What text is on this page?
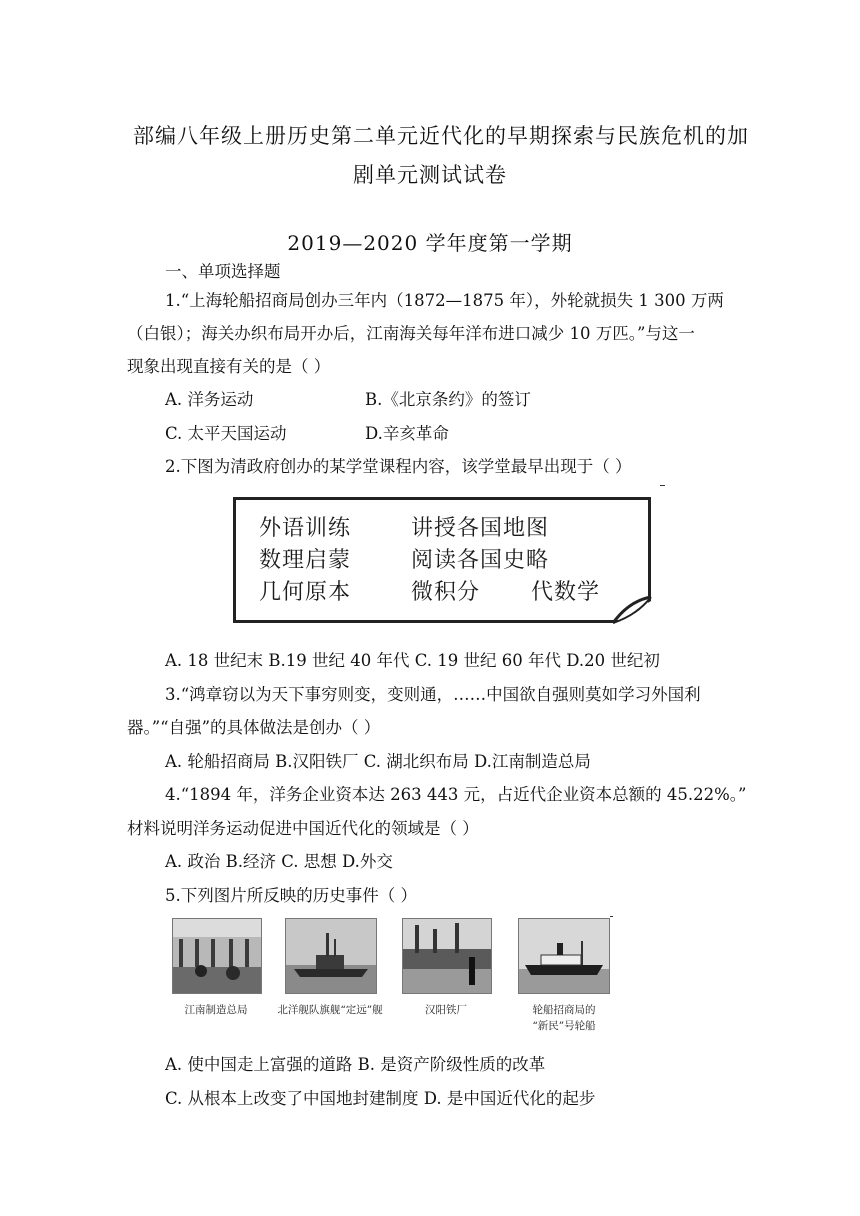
部编八年级上册历史第二单元近代化的早期探索与民族危机的加
剧单元测试试卷
2019—2020 学年度第一学期
一、单项选择题
1.“上海轮船招商局创办三年内（1872—1875 年），外轮就损失 1 300 万两
（白银）；海关办织布局开办后，江南海关每年洋布进口减少 10 万匹。”与这一
现象出现直接有关的是（ ）
A. 洋务运动	B.《北京条约》的签订
C. 太平天国运动	D.辛亥革命
2.下图为清政府创办的某学堂课程内容，该学堂最早出现于（ ）
外语训练	讲授各国地图
数理启蒙	阅读各国史略
几何原本	微积分 代数学
A. 18 世纪末 B.19 世纪 40 年代 C. 19 世纪 60 年代 D.20 世纪初
3.“鸿章窃以为天下事穷则变，变则通，……中国欲自强则莫如学习外国利
器。”“自强”的具体做法是创办（ ）
A. 轮船招商局 B.汉阳铁厂 C. 湖北织布局 D.江南制造总局
4.“1894 年，洋务企业资本达 263 443 元，占近代企业资本总额的 45.22%。”
材料说明洋务运动促进中国近代化的领域是（ ）
A. 政治 B.经济 C. 思想 D.外交
5.下列图片所反映的历史事件（ ）
江南制造总局	北洋舰队旗舰“定远”舰	汉阳铁厂	轮船招商局的
“新民”号轮船
A. 使中国走上富强的道路 B. 是资产阶级性质的改革
C. 从根本上改变了中国地封建制度 D. 是中国近代化的起步
